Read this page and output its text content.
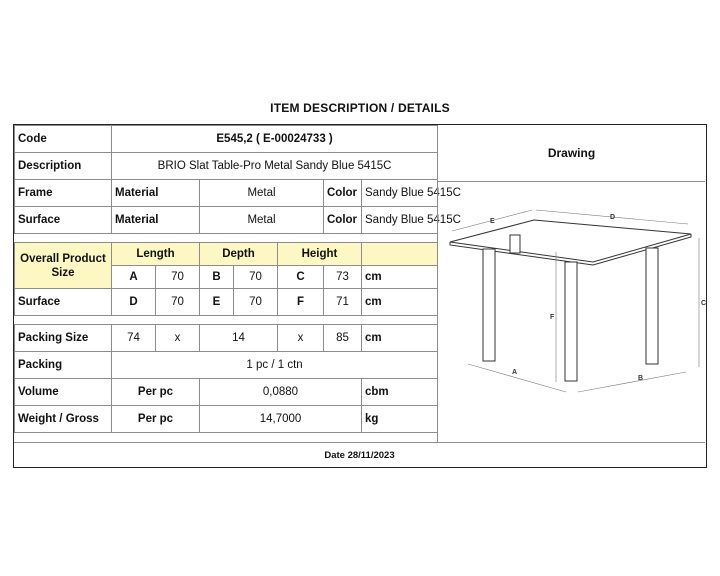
ITEM DESCRIPTION / DETAILS
Code	E545,2 ( E-00024733 )						
Description	BRIO Slat Table-Pro Metal Sandy Blue 5415C						
Frame	Material		Metal			Color	Sandy Blue 5415C
Surface	Material		Metal			Color	Sandy Blue 5415C

Overall Product Size	Length		Depth		Height		
	A	70	B	70	C	73	cm
Surface	D	70	E	70	F	71	cm

Packing Size	74	x	14		x	85	cm
Packing	1 pc / 1 ctn						
Volume	Per pc		0,0880				cbm
Weight / Gross	Per pc		14,7000				kg
Drawing
E
D
C
F
A
B
Date 28/11/2023
